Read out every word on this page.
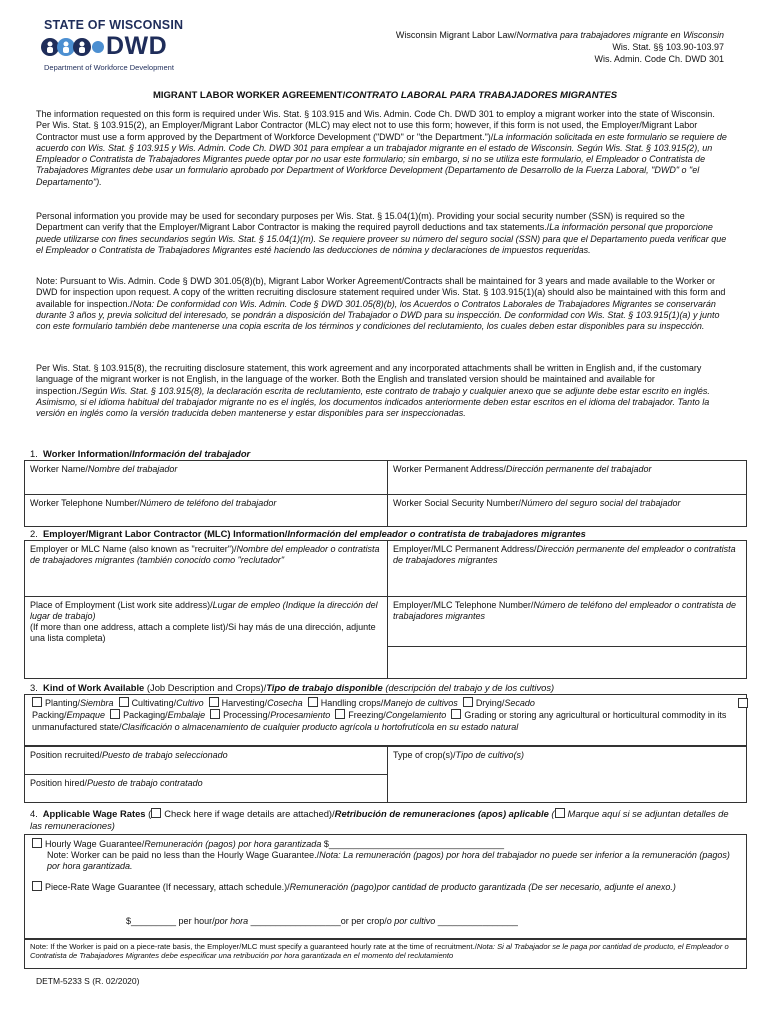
STATE OF WISCONSIN
DWD
Department of Workforce Development
Wisconsin Migrant Labor Law/Normativa para trabajadores migrante en Wisconsin
Wis. Stat. §§ 103.90-103.97
Wis. Admin. Code Ch. DWD 301
MIGRANT LABOR WORKER AGREEMENT/CONTRATO LABORAL PARA TRABAJADORES MIGRANTES
The information requested on this form is required under Wis. Stat. § 103.915 and Wis. Admin. Code Ch. DWD 301 to employ a migrant worker into the state of Wisconsin. Per Wis. Stat. § 103.915(2), an Employer/Migrant Labor Contractor (MLC) may elect not to use this form; however, if this form is not used, the Employer/Migrant Labor Contractor must use a form approved by the Department of Workforce Development ("DWD" or "the Department.")/La información solicitada en este formulario se requiere de acuerdo con Wis. Stat. § 103.915 y Wis. Admin. Code Ch. DWD 301 para emplear a un trabajador migrante en el estado de Wisconsin. Según Wis. Stat. § 103.915(2), un Empleador o Contratista de Trabajadores Migrantes puede optar por no usar este formulario; sin embargo, si no se utiliza este formulario, el Empleador o Contratista de Trabajadores Migrantes debe usar un formulario aprobado por Department of Workforce Development (Departamento de Desarrollo de la Fuerza Laboral, "DWD" o "el Departamento").
Personal information you provide may be used for secondary purposes per Wis. Stat. § 15.04(1)(m). Providing your social security number (SSN) is required so the Department can verify that the Employer/Migrant Labor Contractor is making the required payroll deductions and tax statements./La información personal que proporcione puede utilizarse con fines secundarios según Wis. Stat. § 15.04(1)(m). Se requiere proveer su número del seguro social (SSN) para que el Departamento pueda verificar que el Empleador o Contratista de Trabajadores Migrantes esté haciendo las deducciones de nómina y declaraciones de impuestos requeridas.
Note: Pursuant to Wis. Admin. Code § DWD 301.05(8)(b), Migrant Labor Worker Agreement/Contracts shall be maintained for 3 years and made available to the Worker or DWD for inspection upon request. A copy of the written recruiting disclosure statement required under Wis. Stat. § 103.915(1)(a) should also be maintained with this form and available for inspection./Nota: De conformidad con Wis. Admin. Code § DWD 301.05(8)(b), los Acuerdos o Contratos Laborales de Trabajadores Migrantes se conservarán durante 3 años y, previa solicitud del interesado, se pondrán a disposición del Trabajador o DWD para su inspección. De conformidad con Wis. Stat. § 103.915(1)(a) y junto con este formulario también debe mantenerse una copia escrita de los términos y condiciones del reclutamiento, los cuales deben estar disponibles para su inspección.
Per Wis. Stat. § 103.915(8), the recruiting disclosure statement, this work agreement and any incorporated attachments shall be written in English and, if the customary language of the migrant worker is not English, in the language of the worker. Both the English and translated version should be maintained and available for inspection./Según Wis. Stat. § 103.915(8), la declaración escrita de reclutamiento, este contrato de trabajo y cualquier anexo que se adjunte debe estar escrito en inglés. Asimismo, si el idioma habitual del trabajador migrante no es el inglés, los documentos indicados anteriormente deben estar escritos en el idioma del trabajador. Tanto la versión en inglés como la versión traducida deben mantenerse y estar disponibles para ser inspeccionadas.
1. Worker Information/Información del trabajador
Worker Name/Nombre del trabajador	Worker Permanent Address/Dirección permanente del trabajador
Worker Telephone Number/Número de teléfono del trabajador	Worker Social Security Number/Número del seguro social del trabajador
2. Employer/Migrant Labor Contractor (MLC) Information/Información del empleador o contratista de trabajadores migrantes
Employer or MLC Name (also known as "recruiter")/Nombre del empleador o contratista de trabajadores migrantes (también conocido como "reclutador"	Employer/MLC Permanent Address/Dirección permanente del empleador o contratista de trabajadores migrantes
Place of Employment (List work site address)/Lugar de empleo (Indique la dirección del lugar de trabajo)
(If more than one address, attach a complete list)/Si hay más de una dirección, adjunte una lista completa)	Employer/MLC Telephone Number/Número de teléfono del empleador o contratista de trabajadores migrantes

3. Kind of Work Available (Job Description and Crops)/Tipo de trabajo disponible (descripción del trabajo y de los cultivos)
Planting/Siembra Cultivating/Cultivo Harvesting/Cosecha Handling crops/Manejo de cultivos Drying/Secado
Packing/Empaque Packaging/Embalaje Processing/Procesamiento Freezing/Congelamiento Grading or storing any agricultural or horticultural commodity in its unmanufactured state/Clasificación o almacenamiento de cualquier producto agrícola u hortofrutícola en su estado natural
Position recruited/Puesto de trabajo seleccionado	Type of crop(s)/Tipo de cultivo(s)
Position hired/Puesto de trabajo contratado
4. Applicable Wage Rates ( Check here if wage details are attached)/Retribución de remuneraciones (apos) aplicable ( Marque aquí si se adjuntan detalles de las remuneraciones)
Hourly Wage Guarantee/Remuneración (pagos) por hora garantizada $___________________________________
Note: Worker can be paid no less than the Hourly Wage Guarantee./Nota: La remuneración (pagos) por hora del trabajador no puede ser inferior a la remuneración (pagos) por hora garantizada.
Piece-Rate Wage Guarantee (If necessary, attach schedule.)/Remuneración (pago)por cantidad de producto garantizada (De ser necesario, adjunte el anexo.)
$_________ per hour/por hora __________________or per crop/o por cultivo ________________
Note: If the Worker is paid on a piece-rate basis, the Employer/MLC must specify a guaranteed hourly rate at the time of recruitment./Nota: Si al Trabajador se le paga por cantidad de producto, el Empleador o Contratista de Trabajadores Migrantes debe especificar una retribución por hora garantizada en el momento del reclutamiento
DETM-5233 S (R. 02/2020)
